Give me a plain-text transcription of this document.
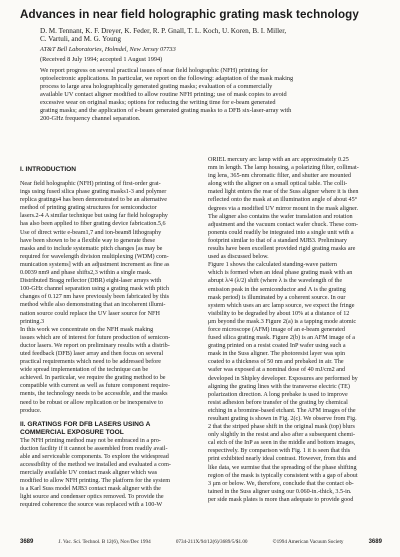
Advances in near field holographic grating mask technology
D. M. Tennant, K. F. Dreyer, K. Feder, R. P. Gnall, T. L. Koch, U. Koren, B. I. Miller,
C. Vartuli, and M. G. Young
AT&T Bell Laboratories, Holmdel, New Jersey 07733
(Received 8 July 1994; accepted 1 August 1994)
We report progress on several practical issues of near field holographic (NFH) printing for
optoelectronic applications. In particular, we report on the following: adaptation of the mask making
process to large area holographically generated grating masks; evaluation of a commercially
available UV contact aligner modified to allow routine NFH printing; use of mask copies to avoid
excessive wear on original masks; options for reducing the writing time for e-beam generated
grating masks; and the application of e-beam generated grating masks to a DFB six-laser-array with
200-GHz frequency channel separation.
I. INTRODUCTION
Near field holographic (NFH) printing of first-order grat-
ings using fused silica phase grating masks1-3 and polymer
replica gratings4 has been demonstrated to be an alternative
method of printing grating structures for semiconductor
lasers.2-4 A similar technique but using far field holography
has also been applied to fiber grating device fabrication.5,6
Use of direct write e-beam1,7 and ion-beam8 lithography
have been shown to be a flexible way to generate these
masks and to include systematic pitch changes [as may be
required for wavelength division multiplexing (WDM) com-
munication systems] with an adjustment increment as fine as
0.0039 nm9 and phase shifts2,3 within a single mask.
Distributed Bragg reflector (DBR) eight-laser arrays with
100-GHz channel separation using a grating mask with pitch
changes of 0.127 nm have previously been fabricated by this
method while also demonstrating that an incoherent illumi-
nation source could replace the UV laser source for NFH
printing.3
In this work we concentrate on the NFH mask making
issues which are of interest for future production of semicon-
ductor lasers. We report on preliminary results with a distrib-
uted feedback (DFB) laser array and then focus on several
practical requirements which need to be addressed before
wide spread implementation of the technique can be
achieved. In particular, we require the grating method to be
compatible with current as well as future component require-
ments, the technology needs to be accessible, and the masks
need to be robust or allow replication or be inexpensive to
produce.
II. GRATINGS FOR DFB LASERS USING A
COMMERCIAL EXPOSURE TOOL
The NFH printing method may not be embraced in a pro-
duction facility if it cannot be assembled from readily avail-
able and serviceable components. To explore the widespread
accessibility of the method we installed and evaluated a com-
mercially available UV contact mask aligner which was
modified to allow NFH printing. The platform for the system
is a Karl Suss model MJB3 contact mask aligner with the
light source and condenser optics removed. To provide the
required coherence the source was replaced with a 100-W
ORIEL mercury arc lamp with an arc approximately 0.25
mm in length. The lamp housing, a polarizing filter, collimat-
ing lens, 365-nm chromatic filter, and shutter are mounted
along with the aligner on a small optical table. The colli-
mated light enters the rear of the Suss aligner where it is then
reflected onto the mask at an illumination angle of about 45°
degrees via a modified UV mirror mount in the mask aligner.
The aligner also contains the wafer translation and rotation
adjustment and the vacuum contact wafer chuck. These com-
ponents could readily be integrated into a single unit with a
footprint similar to that of a standard MJB3. Preliminary
results have been excellent provided rigid grating masks are
used as discussed below.
Figure 1 shows the calculated standing-wave pattern
which is formed when an ideal phase grating mask with an
abrupt λ/4 (λ/2) shift (where λ is the wavelength of the
emission peak in the semiconductor and Λ is the grating
mask period) is illuminated by a coherent source. In our
system which uses an arc lamp source, we expect the fringe
visibility to be degraded by about 10% at a distance of 12
μm beyond the mask.3 Figure 2(a) is a tapping mode atomic
force microscope (AFM) image of an e-beam generated
fused silica grating mask. Figure 2(b) is an AFM image of a
grating printed on a resist coated InP wafer using such a
mask in the Suss aligner. The photoresist layer was spin
coated to a thickness of 50 nm and prebaked in air. The
wafer was exposed at a nominal dose of 40 mJ/cm2 and
developed in Shipley developer. Exposures are performed by
aligning the grating lines with the transverse electric (TE)
polarization direction. A long prebake is used to improve
resist adhesion before transfer of the grating by chemical
etching in a bromine-based etchant. The AFM images of the
resultant grating is shown in Fig. 2(c). We observe from Fig.
2 that the striped phase shift in the original mask (top) blurs
only slightly in the resist and also after a subsequent chemi-
cal etch of the InP as seen in the middle and bottom images,
respectively. By comparison with Fig. 1 it is seen that this
print exhibited nearly ideal contrast. However, from this and
like data, we surmise that the spreading of the phase shifting
region of the mask is typically consistent with a gap of about
3 μm or below. We, therefore, conclude that the contact ob-
tained in the Suss aligner using our 0.060-in.-thick, 3.5-in.
per side mask plates is more than adequate to provide good
3689	J. Vac. Sci. Technol. B 12(6), Nov/Dec 1994	0734-211X/94/12(6)/3689/5/$1.00	©1994 American Vacuum Society	3689
